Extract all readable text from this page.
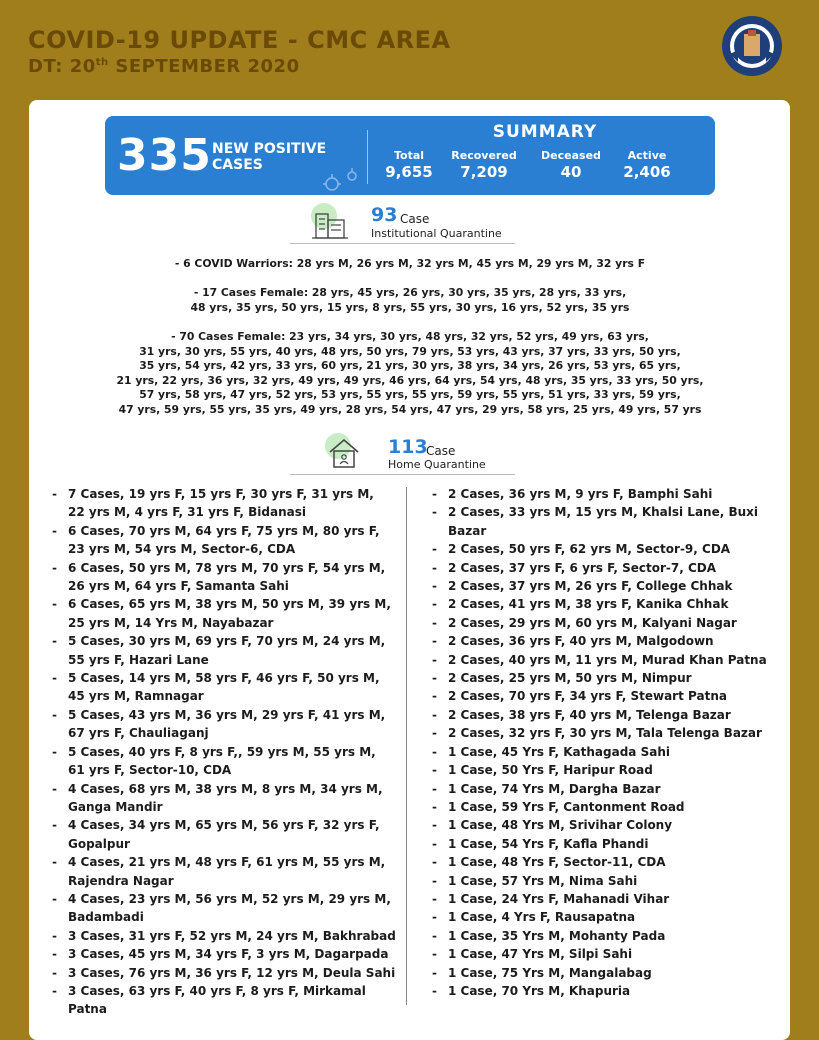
COVID-19 UPDATE - CMC AREA
DT: 20th SEPTEMBER 2020
335 NEW POSITIVE
CASES
SUMMARY
Total
9,655
Recovered
7,209
Deceased
40
Active
2,406
93 Case
Institutional Quarantine
- 6 COVID Warriors: 28 yrs M, 26 yrs M, 32 yrs M, 45 yrs M, 29 yrs M, 32 yrs F
- 17 Cases Female: 28 yrs, 45 yrs, 26 yrs, 30 yrs, 35 yrs, 28 yrs, 33 yrs,
48 yrs, 35 yrs, 50 yrs, 15 yrs, 8 yrs, 55 yrs, 30 yrs, 16 yrs, 52 yrs, 35 yrs
- 70 Cases Female: 23 yrs, 34 yrs, 30 yrs, 48 yrs, 32 yrs, 52 yrs, 49 yrs, 63 yrs,
31 yrs, 30 yrs, 55 yrs, 40 yrs, 48 yrs, 50 yrs, 79 yrs, 53 yrs, 43 yrs, 37 yrs, 33 yrs, 50 yrs,
35 yrs, 54 yrs, 42 yrs, 33 yrs, 60 yrs, 21 yrs, 30 yrs, 38 yrs, 34 yrs, 26 yrs, 53 yrs, 65 yrs,
21 yrs, 22 yrs, 36 yrs, 32 yrs, 49 yrs, 49 yrs, 46 yrs, 64 yrs, 54 yrs, 48 yrs, 35 yrs, 33 yrs, 50 yrs,
57 yrs, 58 yrs, 47 yrs, 52 yrs, 53 yrs, 55 yrs, 55 yrs, 59 yrs, 55 yrs, 51 yrs, 33 yrs, 59 yrs,
47 yrs, 59 yrs, 55 yrs, 35 yrs, 49 yrs, 28 yrs, 54 yrs, 47 yrs, 29 yrs, 58 yrs, 25 yrs, 49 yrs, 57 yrs
113
Case
Home Quarantine
- 7 Cases, 19 yrs F, 15 yrs F, 30 yrs F, 31 yrs M,
22 yrs M, 4 yrs F, 31 yrs F, Bidanasi
- 6 Cases, 70 yrs M, 64 yrs F, 75 yrs M, 80 yrs F,
23 yrs M, 54 yrs M, Sector-6, CDA
- 6 Cases, 50 yrs M, 78 yrs M, 70 yrs F, 54 yrs M,
26 yrs M, 64 yrs F, Samanta Sahi
- 6 Cases, 65 yrs M, 38 yrs M, 50 yrs M, 39 yrs M,
25 yrs M, 14 Yrs M, Nayabazar
- 5 Cases, 30 yrs M, 69 yrs F, 70 yrs M, 24 yrs M,
55 yrs F, Hazari Lane
- 5 Cases, 14 yrs M, 58 yrs F, 46 yrs F, 50 yrs M,
45 yrs M, Ramnagar
- 5 Cases, 43 yrs M, 36 yrs M, 29 yrs F, 41 yrs M,
67 yrs F, Chauliaganj
- 5 Cases, 40 yrs F, 8 yrs F,, 59 yrs M, 55 yrs M,
61 yrs F, Sector-10, CDA
- 4 Cases, 68 yrs M, 38 yrs M, 8 yrs M, 34 yrs M,
Ganga Mandir
- 4 Cases, 34 yrs M, 65 yrs M, 56 yrs F, 32 yrs F,
Gopalpur
- 4 Cases, 21 yrs M, 48 yrs F, 61 yrs M, 55 yrs M,
Rajendra Nagar
- 4 Cases, 23 yrs M, 56 yrs M, 52 yrs M, 29 yrs M,
Badambadi
- 3 Cases, 31 yrs F, 52 yrs M, 24 yrs M, Bakhrabad
- 3 Cases, 45 yrs M, 34 yrs F, 3 yrs M, Dagarpada
- 3 Cases, 76 yrs M, 36 yrs F, 12 yrs M, Deula Sahi
- 3 Cases, 63 yrs F, 40 yrs F, 8 yrs F, Mirkamal Patna
- 2 Cases, 36 yrs M, 9 yrs F, Bamphi Sahi
- 2 Cases, 33 yrs M, 15 yrs M, Khalsi Lane, Buxi Bazar
- 2 Cases, 50 yrs F, 62 yrs M, Sector-9, CDA
- 2 Cases, 37 yrs F, 6 yrs F, Sector-7, CDA
- 2 Cases, 37 yrs M, 26 yrs F, College Chhak
- 2 Cases, 41 yrs M, 38 yrs F, Kanika Chhak
- 2 Cases, 29 yrs M, 60 yrs M, Kalyani Nagar
- 2 Cases, 36 yrs F, 40 yrs M, Malgodown
- 2 Cases, 40 yrs M, 11 yrs M, Murad Khan Patna
- 2 Cases, 25 yrs M, 50 yrs M, Nimpur
- 2 Cases, 70 yrs F, 34 yrs F, Stewart Patna
- 2 Cases, 38 yrs F, 40 yrs M, Telenga Bazar
- 2 Cases, 32 yrs F, 30 yrs M, Tala Telenga Bazar
- 1 Case, 45 Yrs F, Kathagada Sahi
- 1 Case, 50 Yrs F, Haripur Road
- 1 Case, 74 Yrs M, Dargha Bazar
- 1 Case, 59 Yrs F, Cantonment Road
- 1 Case, 48 Yrs M, Srivihar Colony
- 1 Case, 54 Yrs F, Kafla Phandi
- 1 Case, 48 Yrs F, Sector-11, CDA
- 1 Case, 57 Yrs M, Nima Sahi
- 1 Case, 24 Yrs F, Mahanadi Vihar
- 1 Case, 4 Yrs F, Rausapatna
- 1 Case, 35 Yrs M, Mohanty Pada
- 1 Case, 47 Yrs M, Silpi Sahi
- 1 Case, 75 Yrs M, Mangalabag
- 1 Case, 70 Yrs M, Khapuria
